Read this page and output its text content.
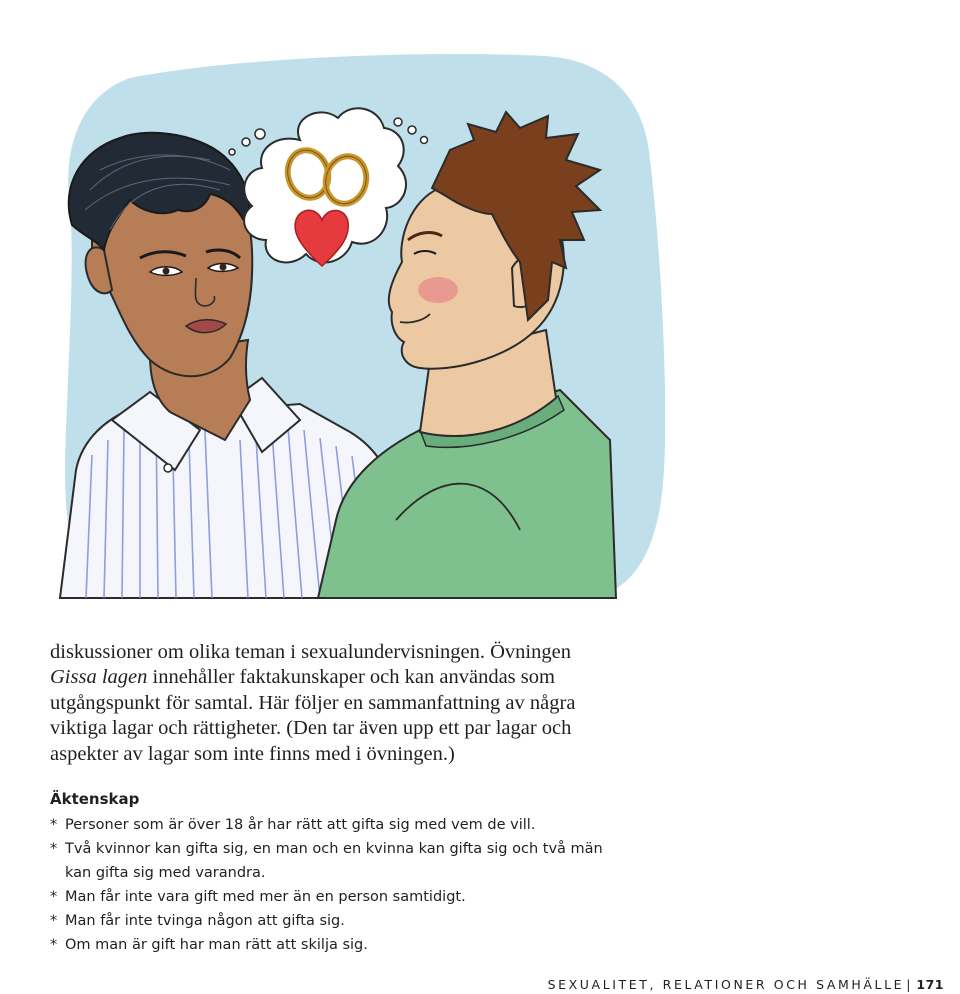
diskussioner om olika teman i sexualundervisningen. Övningen
Gissa lagen innehåller faktakunskaper och kan användas som
utgångspunkt för samtal. Här följer en sammanfattning av några
viktiga lagar och rättigheter. (Den tar även upp ett par lagar och
aspekter av lagar som inte finns med i övningen.)

Äktenskap
* Personer som är över 18 år har rätt att gifta sig med vem de vill.
* Två kvinnor kan gifta sig, en man och en kvinna kan gifta sig och två män kan gifta sig med varandra.
* Man får inte vara gift med mer än en person samtidigt.
* Man får inte tvinga någon att gifta sig.
* Om man är gift har man rätt att skilja sig.

SEXUALITET, RELATIONER OCH SAMHÄLLE | 171
